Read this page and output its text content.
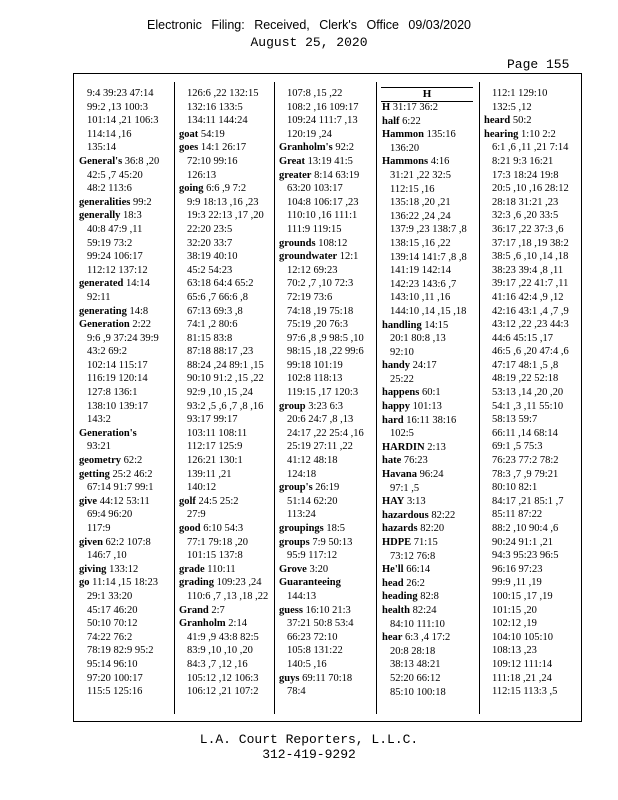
Electronic Filing: Received, Clerk's Office 09/03/2020
August 25, 2020
Page 155
9:4 39:23 47:14
99:2 ,13 100:3
101:14 ,21 106:3
114:14 ,16
135:14
General's 36:8 ,20
42:5 ,7 45:20
48:2 113:6
generalities 99:2
generally 18:3
40:8 47:9 ,11
59:19 73:2
99:24 106:17
112:12 137:12
generated 14:14
92:11
generating 14:8
Generation 2:22
9:6 ,9 37:24 39:9
43:2 69:2
102:14 115:17
116:19 120:14
127:8 136:1
138:10 139:17
143:2
Generation's
93:21
geometry 62:2
getting 25:2 46:2
67:14 91:7 99:1
give 44:12 53:11
69:4 96:20
117:9
given 62:2 107:8
146:7 ,10
giving 133:12
go 11:14 ,15 18:23
29:1 33:20
45:17 46:20
50:10 70:12
74:22 76:2
78:19 82:9 95:2
95:14 96:10
97:20 100:17
115:5 125:16
126:6 ,22 132:15
132:16 133:5
134:11 144:24
goat 54:19
goes 14:1 26:17
72:10 99:16
126:13
going 6:6 ,9 7:2
9:9 18:13 ,16 ,23
19:3 22:13 ,17 ,20
22:20 23:5
32:20 33:7
38:19 40:10
45:2 54:23
63:18 64:4 65:2
65:6 ,7 66:6 ,8
67:13 69:3 ,8
74:1 ,2 80:6
81:15 83:8
87:18 88:17 ,23
88:24 ,24 89:1 ,15
90:10 91:2 ,15 ,22
92:9 ,10 ,15 ,24
93:2 ,5 ,6 ,7 ,8 ,16
93:17 99:17
103:11 108:11
112:17 125:9
126:21 130:1
139:11 ,21
140:12
golf 24:5 25:2
27:9
good 6:10 54:3
77:1 79:18 ,20
101:15 137:8
grade 110:11
grading 109:23 ,24
110:6 ,7 ,13 ,18 ,22
Grand 2:7
Granholm 2:14
41:9 ,9 43:8 82:5
83:9 ,10 ,10 ,20
84:3 ,7 ,12 ,16
105:12 ,12 106:3
106:12 ,21 107:2
107:8 ,15 ,22
108:2 ,16 109:17
109:24 111:7 ,13
120:19 ,24
Granholm's 92:2
Great 13:19 41:5
greater 8:14 63:19
63:20 103:17
104:8 106:17 ,23
110:10 ,16 111:1
111:9 119:15
grounds 108:12
groundwater 12:1
12:12 69:23
70:2 ,7 ,10 72:3
72:19 73:6
74:18 ,19 75:18
75:19 ,20 76:3
97:6 ,8 ,9 98:5 ,10
98:15 ,18 ,22 99:6
99:18 101:19
102:8 118:13
119:15 ,17 120:3
group 3:23 6:3
20:6 24:7 ,8 ,13
24:17 ,22 25:4 ,16
25:19 27:11 ,22
41:12 48:18
124:18
group's 26:19
51:14 62:20
113:24
groupings 18:5
groups 7:9 50:13
95:9 117:12
Grove 3:20
Guaranteeing
144:13
guess 16:10 21:3
37:21 50:8 53:4
66:23 72:10
105:8 131:22
140:5 ,16
guys 69:11 70:18
78:4
H
H 31:17 36:2
half 6:22
Hammon 135:16
136:20
Hammons 4:16
31:21 ,22 32:5
112:15 ,16
135:18 ,20 ,21
136:22 ,24 ,24
137:9 ,23 138:7 ,8
138:15 ,16 ,22
139:14 141:7 ,8 ,8
141:19 142:14
142:23 143:6 ,7
143:10 ,11 ,16
144:10 ,14 ,15 ,18
handling 14:15
20:1 80:8 ,13
92:10
handy 24:17
25:22
happens 60:1
happy 101:13
hard 16:11 38:16
102:5
HARDIN 2:13
hate 76:23
Havana 96:24
97:1 ,5
HAY 3:13
hazardous 82:22
hazards 82:20
HDPE 71:15
73:12 76:8
He'll 66:14
head 26:2
heading 82:8
health 82:24
84:10 111:10
hear 6:3 ,4 17:2
20:8 28:18
38:13 48:21
52:20 66:12
85:10 100:18
112:1 129:10
132:5 ,12
heard 50:2
hearing 1:10 2:2
6:1 ,6 ,11 ,21 7:14
8:21 9:3 16:21
17:3 18:24 19:8
20:5 ,10 ,16 28:12
28:18 31:21 ,23
32:3 ,6 ,20 33:5
36:17 ,22 37:3 ,6
37:17 ,18 ,19 38:2
38:5 ,6 ,10 ,14 ,18
38:23 39:4 ,8 ,11
39:17 ,22 41:7 ,11
41:16 42:4 ,9 ,12
42:16 43:1 ,4 ,7 ,9
43:12 ,22 ,23 44:3
44:6 45:15 ,17
46:5 ,6 ,20 47:4 ,6
47:17 48:1 ,5 ,8
48:19 ,22 52:18
53:13 ,14 ,20 ,20
54:1 ,3 ,11 55:10
58:13 59:7
66:11 ,14 68:14
69:1 ,5 75:3
76:23 77:2 78:2
78:3 ,7 ,9 79:21
80:10 82:1
84:17 ,21 85:1 ,7
85:11 87:22
88:2 ,10 90:4 ,6
90:24 91:1 ,21
94:3 95:23 96:5
96:16 97:23
99:9 ,11 ,19
100:15 ,17 ,19
101:15 ,20
102:12 ,19
104:10 105:10
108:13 ,23
109:12 111:14
111:18 ,21 ,24
112:15 113:3 ,5
L.A. Court Reporters, L.L.C.
312-419-9292
